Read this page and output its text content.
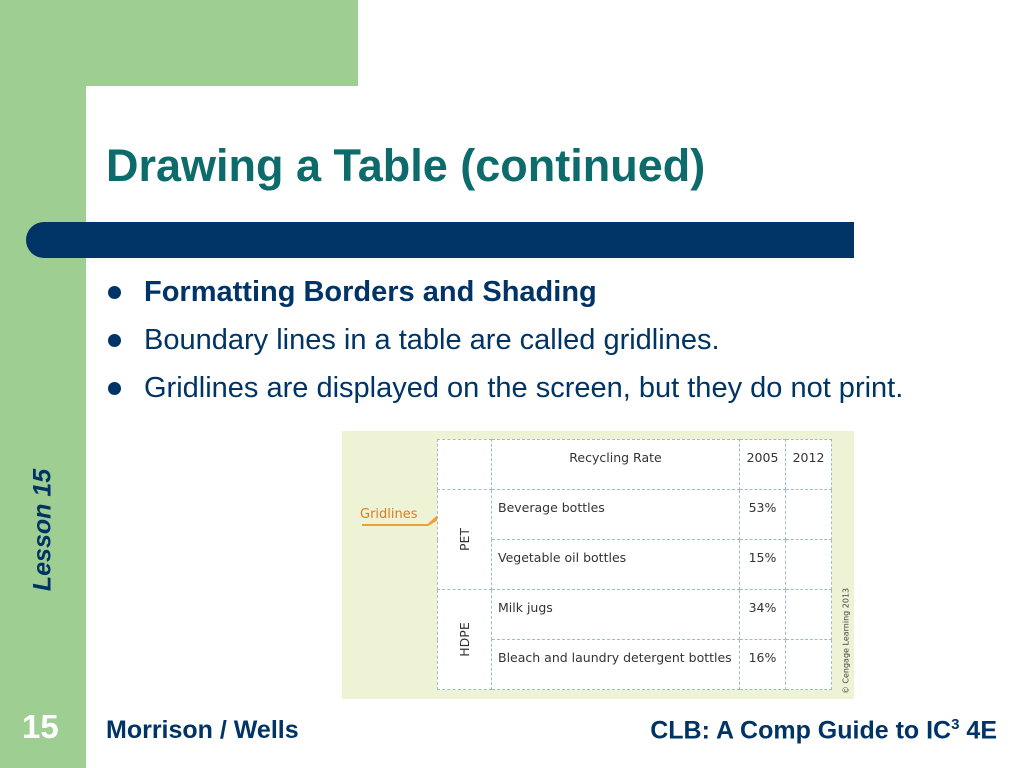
Drawing a Table (continued)
Formatting Borders and Shading
Boundary lines in a table are called gridlines.
Gridlines are displayed on the screen, but they do not print.
Lesson 15	Gridlines
	Recycling Rate	2005	2012

PET	Beverage bottles	53%	
	Vegetable oil bottles	15%	

HDPE	Milk jugs	34%	
	Bleach and laundry detergent bottles	16%		© Cengage Learning 2013
15 Morrison / Wells	CLB: A Comp Guide to $IC^3$ 4E
